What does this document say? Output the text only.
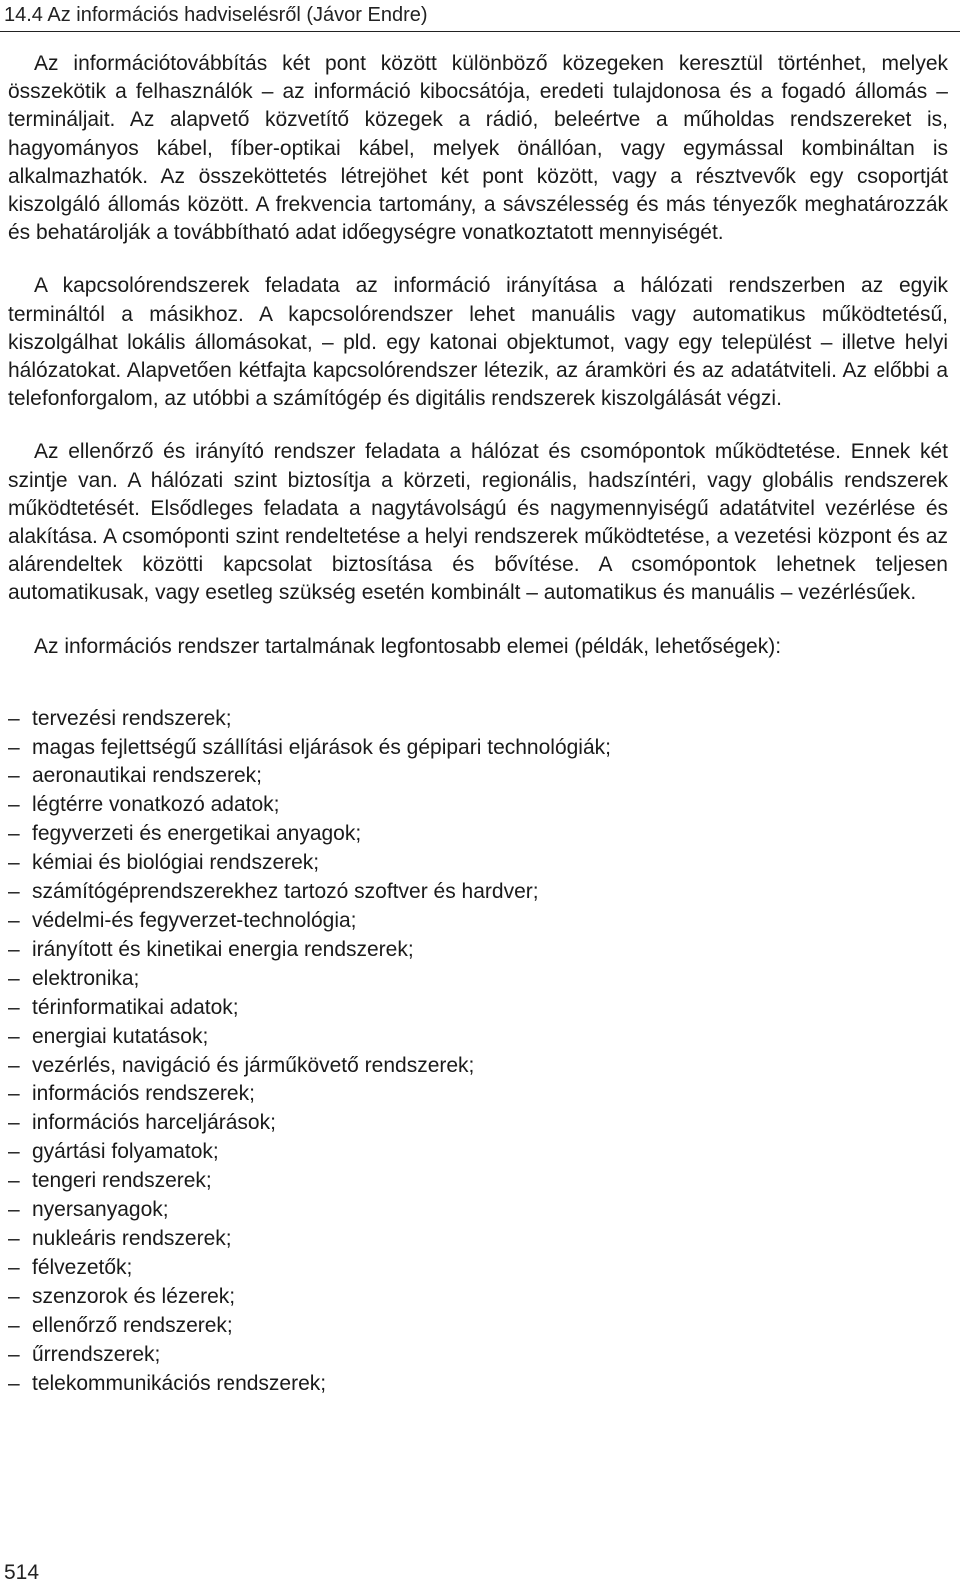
14.4 Az információs hadviselésről (Jávor Endre)

Az információtovábbítás két pont között különböző közegeken keresztül történhet, melyek összekötik a felhasználók – az információ kibocsátója, eredeti tulajdonosa és a fogadó állomás – termináljait. Az alapvető közvetítő közegek a rádió, beleértve a műholdas rendszereket is, hagyományos kábel, fíber-optikai kábel, melyek önállóan, vagy egymással kombináltan is alkalmazhatók. Az összeköttetés létrejöhet két pont között, vagy a résztvevők egy csoportját kiszolgáló állomás között. A frekvencia tartomány, a sávszélesség és más tényezők meghatározzák és behatárolják a továbbítható adat időegységre vonatkoztatott mennyiségét.

A kapcsolórendszerek feladata az információ irányítása a hálózati rendszerben az egyik termináltól a másikhoz. A kapcsolórendszer lehet manuális vagy automatikus működtetésű, kiszolgálhat lokális állomásokat, – pld. egy katonai objektumot, vagy egy települést – illetve helyi hálózatokat. Alapvetően kétfajta kapcsolórendszer létezik, az áramköri és az adatátviteli. Az előbbi a telefonforgalom, az utóbbi a számítógép és digitális rendszerek kiszolgálását végzi.

Az ellenőrző és irányító rendszer feladata a hálózat és csomópontok működtetése. Ennek két szintje van. A hálózati szint biztosítja a körzeti, regionális, hadszíntéri, vagy globális rendszerek működtetését. Elsődleges feladata a nagytávolságú és nagymennyiségű adatátvitel vezérlése és alakítása. A csomóponti szint rendeltetése a helyi rendszerek működtetése, a vezetési központ és az alárendeltek közötti kapcsolat biztosítása és bővítése. A csomópontok lehetnek teljesen automatikusak, vagy esetleg szükség esetén kombinált – automatikus és manuális – vezérlésűek.

Az információs rendszer tartalmának legfontosabb elemei (példák, lehetőségek):

– tervezési rendszerek;
– magas fejlettségű szállítási eljárások és gépipari technológiák;
– aeronautikai rendszerek;
– légtérre vonatkozó adatok;
– fegyverzeti és energetikai anyagok;
– kémiai és biológiai rendszerek;
– számítógéprendszerekhez tartozó szoftver és hardver;
– védelmi-és fegyverzet-technológia;
– irányított és kinetikai energia rendszerek;
– elektronika;
– térinformatikai adatok;
– energiai kutatások;
– vezérlés, navigáció és járműkövető rendszerek;
– információs rendszerek;
– információs harceljárások;
– gyártási folyamatok;
– tengeri rendszerek;
– nyersanyagok;
– nukleáris rendszerek;
– félvezetők;
– szenzorok és lézerek;
– ellenőrző rendszerek;
– űrrendszerek;
– telekommunikációs rendszerek;
514
